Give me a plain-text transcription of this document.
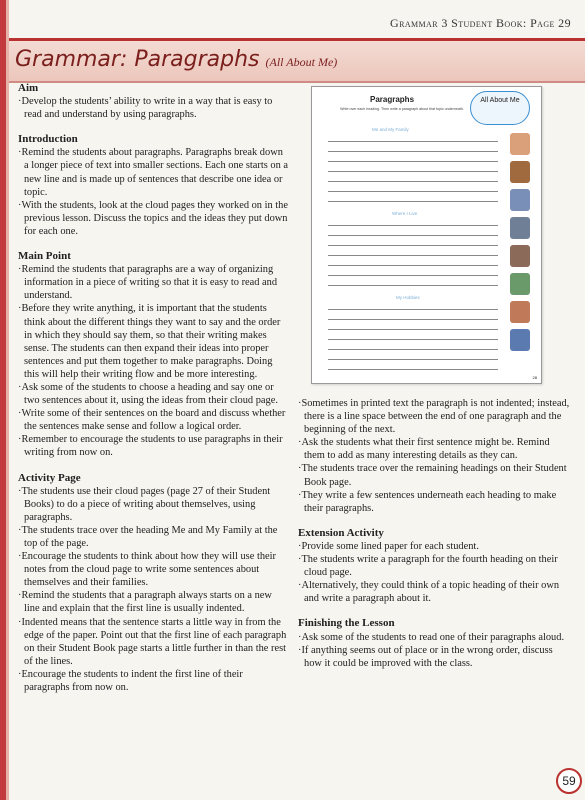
Grammar 3 Student Book: Page 29
Grammar: Paragraphs (All About Me)
Aim

·Develop the students’ ability to write in a way that is easy to read and understand by using paragraphs.

Introduction

·Remind the students about paragraphs. Paragraphs break down a longer piece of text into smaller sections. Each one starts on a new line and is made up of sentences that describe one idea or topic.

·With the students, look at the cloud pages they worked on in the previous lesson. Discuss the topics and the ideas they put down for each one.

Main Point

·Remind the students that paragraphs are a way of organizing information in a piece of writing so that it is easy to read and understand.

·Before they write anything, it is important that the students think about the different things they want to say and the order in which they should say them, so that their writing makes sense. The students can then expand their ideas into proper sentences and put them together to make paragraphs. Doing this will help their writing flow and be more interesting.

·Ask some of the students to choose a heading and say one or two sentences about it, using the ideas from their cloud page.

·Write some of their sentences on the board and discuss whether the sentences make sense and follow a logical order.

·Remember to encourage the students to use paragraphs in their writing from now on.

Activity Page

·The students use their cloud pages (page 27 of their Student Books) to do a piece of writing about themselves, using paragraphs.

·The students trace over the heading Me and My Family at the top of the page.

·Encourage the students to think about how they will use their notes from the cloud page to write some sentences about themselves and their families.

·Remind the students that a paragraph always starts on a new line and explain that the first line is usually indented.

·Indented means that the sentence starts a little way in from the edge of the paper. Point out that the first line of each paragraph on their Student Book page starts a little further in than the rest of the lines.

·Encourage the students to indent the first line of their paragraphs from now on.

Paragraphs
Write over each heading. Then write a paragraph about that topic underneath.
All About Me
Me and My Family
Where I Live
My Hobbies
28

·Sometimes in printed text the paragraph is not indented; instead, there is a line space between the end of one paragraph and the beginning of the next.

·Ask the students what their first sentence might be. Remind them to add as many interesting details as they can.

·The students trace over the remaining headings on their Student Book page.

·They write a few sentences underneath each heading to make their paragraphs.

Extension Activity

·Provide some lined paper for each student.

·The students write a paragraph for the fourth heading on their cloud page.

·Alternatively, they could think of a topic heading of their own and write a paragraph about it.

Finishing the Lesson

·Ask some of the students to read one of their paragraphs aloud.

·If anything seems out of place or in the wrong order, discuss how it could be improved with the class.

59
